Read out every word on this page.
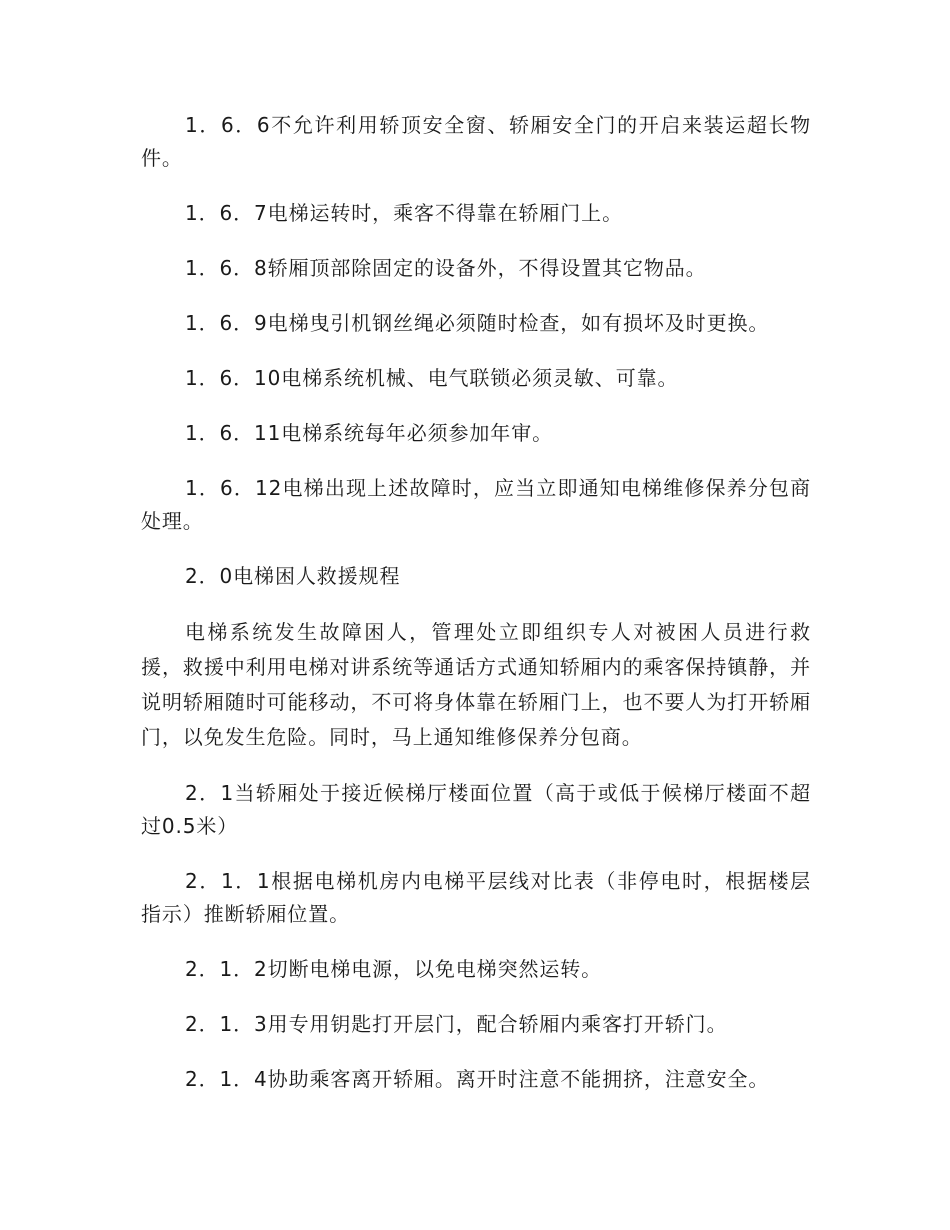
1．6．6不允许利用轿顶安全窗、轿厢安全门的开启来装运超长物件。

1．6．7电梯运转时，乘客不得靠在轿厢门上。

1．6．8轿厢顶部除固定的设备外，不得设置其它物品。

1．6．9电梯曳引机钢丝绳必须随时检查，如有损坏及时更换。

1．6．10电梯系统机械、电气联锁必须灵敏、可靠。

1．6．11电梯系统每年必须参加年审。

1．6．12电梯出现上述故障时，应当立即通知电梯维修保养分包商处理。

2．0电梯困人救援规程

电梯系统发生故障困人，管理处立即组织专人对被困人员进行救援，救援中利用电梯对讲系统等通话方式通知轿厢内的乘客保持镇静，并说明轿厢随时可能移动，不可将身体靠在轿厢门上，也不要人为打开轿厢门，以免发生危险。同时，马上通知维修保养分包商。

2．1当轿厢处于接近候梯厅楼面位置（高于或低于候梯厅楼面不超过0.5米）

2．1．1根据电梯机房内电梯平层线对比表（非停电时，根据楼层指示）推断轿厢位置。

2．1．2切断电梯电源，以免电梯突然运转。

2．1．3用专用钥匙打开层门，配合轿厢内乘客打开轿门。

2．1．4协助乘客离开轿厢。离开时注意不能拥挤，注意安全。
